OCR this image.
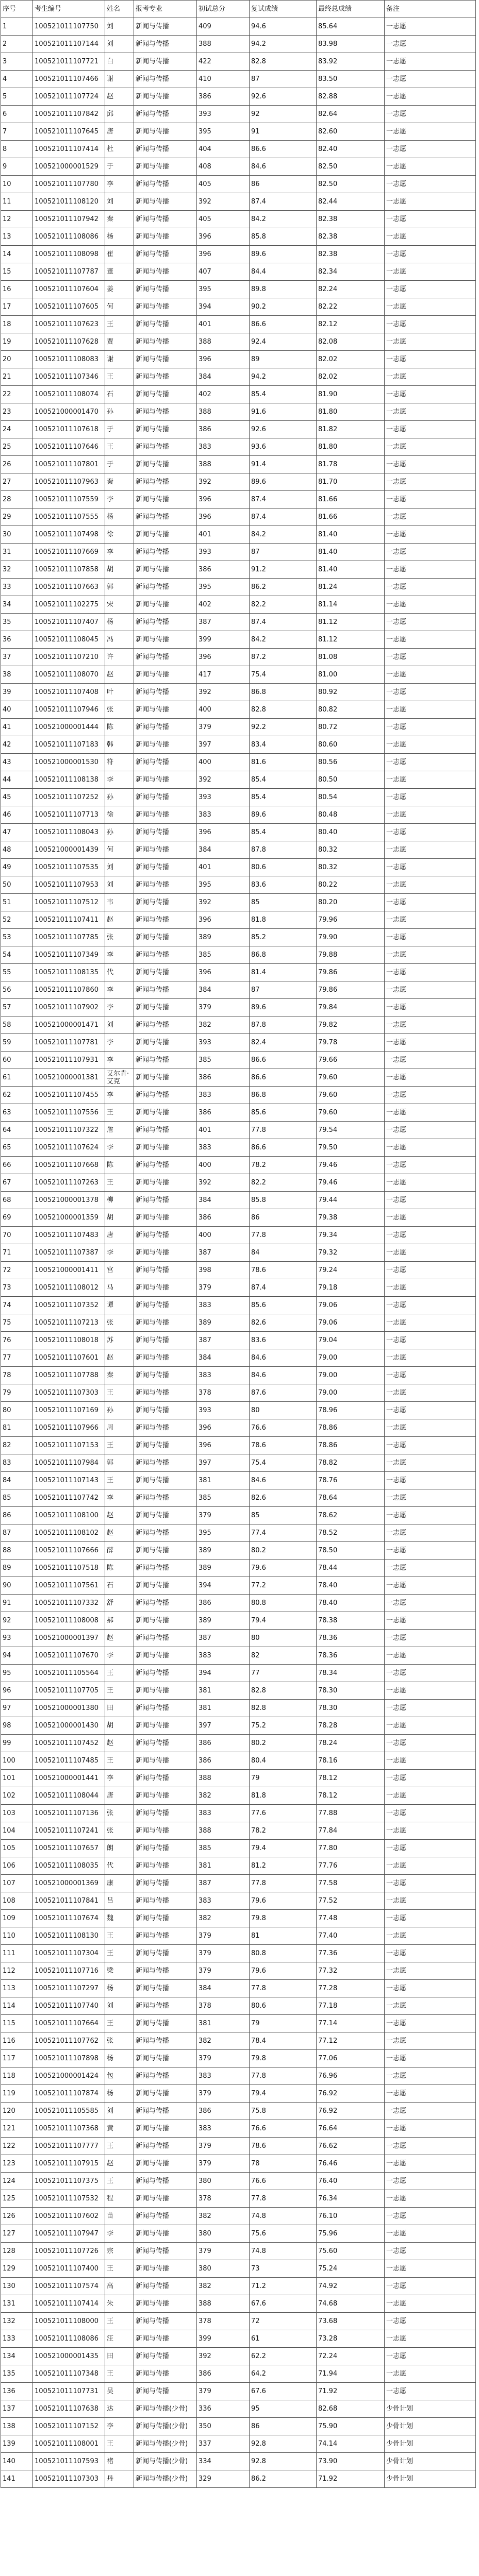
序号	考生编号	姓名	报考专业	初试总分	复试成绩	最终总成绩	备注
1	100521011107750	刘	新闻与传播	409	94.6	85.64	一志愿
2	100521011107144	刘	新闻与传播	388	94.2	83.98	一志愿
3	100521011107721	白	新闻与传播	422	82.8	83.92	一志愿
4	100521011107466	谢	新闻与传播	410	87	83.50	一志愿
5	100521011107724	赵	新闻与传播	386	92.6	82.88	一志愿
6	100521011107842	邱	新闻与传播	393	92	82.64	一志愿
7	100521011107645	唐	新闻与传播	395	91	82.60	一志愿
8	100521011107414	杜	新闻与传播	404	86.6	82.40	一志愿
9	100521000001529	于	新闻与传播	408	84.6	82.50	一志愿
10	100521011107780	李	新闻与传播	405	86	82.50	一志愿
11	100521011108120	刘	新闻与传播	392	87.4	82.44	一志愿
12	100521011107942	秦	新闻与传播	405	84.2	82.38	一志愿
13	100521011108086	杨	新闻与传播	396	85.8	82.38	一志愿
14	100521011108098	崔	新闻与传播	396	89.6	82.38	一志愿
15	100521011107787	董	新闻与传播	407	84.4	82.34	一志愿
16	100521011107604	姜	新闻与传播	395	89.8	82.24	一志愿
17	100521011107605	何	新闻与传播	394	90.2	82.22	一志愿
18	100521011107623	王	新闻与传播	401	86.6	82.12	一志愿
19	100521011107628	贾	新闻与传播	388	92.4	82.08	一志愿
20	100521011108083	谢	新闻与传播	396	89	82.02	一志愿
21	100521011107346	王	新闻与传播	384	94.2	82.02	一志愿
22	100521011108074	石	新闻与传播	402	85.4	81.90	一志愿
23	100521000001470	孙	新闻与传播	388	91.6	81.80	一志愿
24	100521011107618	于	新闻与传播	386	92.6	81.82	一志愿
25	100521011107646	王	新闻与传播	383	93.6	81.80	一志愿
26	100521011107801	于	新闻与传播	388	91.4	81.78	一志愿
27	100521011107963	秦	新闻与传播	392	89.6	81.70	一志愿
28	100521011107559	李	新闻与传播	396	87.4	81.66	一志愿
29	100521011107555	杨	新闻与传播	396	87.4	81.66	一志愿
30	100521011107498	徐	新闻与传播	401	84.2	81.40	一志愿
31	100521011107669	李	新闻与传播	393	87	81.40	一志愿
32	100521011107858	胡	新闻与传播	386	91.2	81.40	一志愿
33	100521011107663	郭	新闻与传播	395	86.2	81.24	一志愿
34	100521011102275	宋	新闻与传播	402	82.2	81.14	一志愿
35	100521011107407	杨	新闻与传播	387	87.4	81.12	一志愿
36	100521011108045	冯	新闻与传播	399	84.2	81.12	一志愿
37	100521011107210	许	新闻与传播	396	87.2	81.08	一志愿
38	100521011108070	赵	新闻与传播	417	75.4	81.00	一志愿
39	100521011107408	叶	新闻与传播	392	86.8	80.92	一志愿
40	100521011107946	张	新闻与传播	400	82.8	80.82	一志愿
41	100521000001444	陈	新闻与传播	379	92.2	80.72	一志愿
42	100521011107183	韩	新闻与传播	397	83.4	80.60	一志愿
43	100521000001530	符	新闻与传播	400	81.6	80.56	一志愿
44	100521011108138	李	新闻与传播	392	85.4	80.50	一志愿
45	100521011107252	孙	新闻与传播	393	85.4	80.54	一志愿
46	100521011107713	徐	新闻与传播	383	89.6	80.48	一志愿
47	100521011108043	孙	新闻与传播	396	85.4	80.40	一志愿
48	100521000001439	何	新闻与传播	384	87.8	80.32	一志愿
49	100521011107535	刘	新闻与传播	401	80.6	80.32	一志愿
50	100521011107953	刘	新闻与传播	395	83.6	80.22	一志愿
51	100521011107512	韦	新闻与传播	392	85	80.20	一志愿
52	100521011107411	赵	新闻与传播	396	81.8	79.96	一志愿
53	100521011107785	张	新闻与传播	389	85.2	79.90	一志愿
54	100521011107349	李	新闻与传播	385	86.8	79.88	一志愿
55	100521011108135	代	新闻与传播	396	81.4	79.86	一志愿
56	100521011107860	李	新闻与传播	384	87	79.86	一志愿
57	100521011107902	李	新闻与传播	379	89.6	79.84	一志愿
58	100521000001471	刘	新闻与传播	382	87.8	79.82	一志愿
59	100521011107781	李	新闻与传播	393	82.4	79.78	一志愿
60	100521011107931	李	新闻与传播	385	86.6	79.66	一志愿
61	100521000001381	艾尔肯·艾克	新闻与传播	386	86.6	79.60	一志愿
62	100521011107455	李	新闻与传播	383	86.8	79.60	一志愿
63	100521011107556	王	新闻与传播	386	85.6	79.60	一志愿
64	100521011107322	詹	新闻与传播	401	77.8	79.54	一志愿
65	100521011107624	李	新闻与传播	383	86.6	79.50	一志愿
66	100521011107668	陈	新闻与传播	400	78.2	79.46	一志愿
67	100521011107263	王	新闻与传播	392	82.2	79.46	一志愿
68	100521000001378	柳	新闻与传播	384	85.8	79.44	一志愿
69	100521000001359	胡	新闻与传播	386	86	79.38	一志愿
70	100521011107483	唐	新闻与传播	400	77.8	79.34	一志愿
71	100521011107387	李	新闻与传播	387	84	79.32	一志愿
72	100521000001411	宫	新闻与传播	398	78.6	79.24	一志愿
73	100521011108012	马	新闻与传播	379	87.4	79.18	一志愿
74	100521011107352	谭	新闻与传播	383	85.6	79.06	一志愿
75	100521011107213	张	新闻与传播	389	82.6	79.06	一志愿
76	100521011108018	苏	新闻与传播	387	83.6	79.04	一志愿
77	100521011107601	赵	新闻与传播	384	84.6	79.00	一志愿
78	100521011107788	秦	新闻与传播	383	84.6	79.00	一志愿
79	100521011107303	王	新闻与传播	378	87.6	79.00	一志愿
80	100521011107169	孙	新闻与传播	393	80	78.96	一志愿
81	100521011107966	周	新闻与传播	396	76.6	78.86	一志愿
82	100521011107153	王	新闻与传播	396	78.6	78.86	一志愿
83	100521011107984	郭	新闻与传播	397	75.4	78.82	一志愿
84	100521011107143	王	新闻与传播	381	84.6	78.76	一志愿
85	100521011107742	李	新闻与传播	385	82.6	78.64	一志愿
86	100521011108100	赵	新闻与传播	379	85	78.62	一志愿
87	100521011108102	赵	新闻与传播	395	77.4	78.52	一志愿
88	100521011107666	薛	新闻与传播	389	80.2	78.50	一志愿
89	100521011107518	陈	新闻与传播	389	79.6	78.44	一志愿
90	100521011107561	石	新闻与传播	394	77.2	78.40	一志愿
91	100521011107332	舒	新闻与传播	386	80.8	78.40	一志愿
92	100521011108008	郝	新闻与传播	389	79.4	78.38	一志愿
93	100521000001397	赵	新闻与传播	387	80	78.36	一志愿
94	100521011107670	李	新闻与传播	383	82	78.36	一志愿
95	100521011105564	王	新闻与传播	394	77	78.34	一志愿
96	100521011107705	王	新闻与传播	381	82.8	78.30	一志愿
97	100521000001380	田	新闻与传播	381	82.8	78.30	一志愿
98	100521000001430	胡	新闻与传播	397	75.2	78.28	一志愿
99	100521011107452	赵	新闻与传播	386	80.2	78.24	一志愿
100	100521011107485	王	新闻与传播	386	80.4	78.16	一志愿
101	100521000001441	李	新闻与传播	388	79	78.12	一志愿
102	100521011108044	唐	新闻与传播	382	81.8	78.12	一志愿
103	100521011107136	张	新闻与传播	383	77.6	77.88	一志愿
104	100521011107241	张	新闻与传播	388	78.2	77.84	一志愿
105	100521011107657	朗	新闻与传播	385	79.4	77.80	一志愿
106	100521011108035	代	新闻与传播	381	81.2	77.76	一志愿
107	100521000001369	康	新闻与传播	387	77.8	77.58	一志愿
108	100521011107841	吕	新闻与传播	383	79.6	77.52	一志愿
109	100521011107674	魏	新闻与传播	382	79.8	77.48	一志愿
110	100521011108130	王	新闻与传播	379	81	77.40	一志愿
111	100521011107304	王	新闻与传播	379	80.8	77.36	一志愿
112	100521011107716	梁	新闻与传播	379	79.6	77.32	一志愿
113	100521011107297	杨	新闻与传播	384	77.8	77.28	一志愿
114	100521011107740	刘	新闻与传播	378	80.6	77.18	一志愿
115	100521011107664	王	新闻与传播	381	79	77.14	一志愿
116	100521011107762	张	新闻与传播	382	78.4	77.12	一志愿
117	100521011107898	杨	新闻与传播	379	79.8	77.06	一志愿
118	100521000001424	包	新闻与传播	383	77.8	76.96	一志愿
119	100521011107874	杨	新闻与传播	379	79.4	76.92	一志愿
120	100521011105585	刘	新闻与传播	386	75.8	76.92	一志愿
121	100521011107368	黄	新闻与传播	383	76.6	76.64	一志愿
122	100521011107777	王	新闻与传播	379	78.6	76.62	一志愿
123	100521011107915	赵	新闻与传播	379	78	76.46	一志愿
124	100521011107375	王	新闻与传播	380	76.6	76.40	一志愿
125	100521011107532	程	新闻与传播	378	77.8	76.34	一志愿
126	100521011107602	苗	新闻与传播	382	74.8	76.10	一志愿
127	100521011107947	李	新闻与传播	380	75.6	75.96	一志愿
128	100521011107726	宗	新闻与传播	379	74.8	75.60	一志愿
129	100521011107400	王	新闻与传播	380	73	75.24	一志愿
130	100521011107574	高	新闻与传播	382	71.2	74.92	一志愿
131	100521011107414	朱	新闻与传播	388	67.6	74.68	一志愿
132	100521011108000	王	新闻与传播	378	72	73.68	一志愿
133	100521011108086	汪	新闻与传播	399	61	73.28	一志愿
134	100521000001435	田	新闻与传播	392	62.2	72.24	一志愿
135	100521011107348	王	新闻与传播	386	64.2	71.94	一志愿
136	100521011107731	吴	新闻与传播	379	67.6	71.92	一志愿
137	100521011107638	达	新闻与传播(少骨)	336	95	82.68	少骨计划
138	100521011107152	李	新闻与传播(少骨)	350	86	75.90	少骨计划
139	100521011108001	王	新闻与传播(少骨)	337	92.8	74.14	少骨计划
140	100521011107593	褚	新闻与传播(少骨)	334	92.8	73.90	少骨计划
141	100521011107303	丹	新闻与传播(少骨)	329	86.2	71.92	少骨计划
